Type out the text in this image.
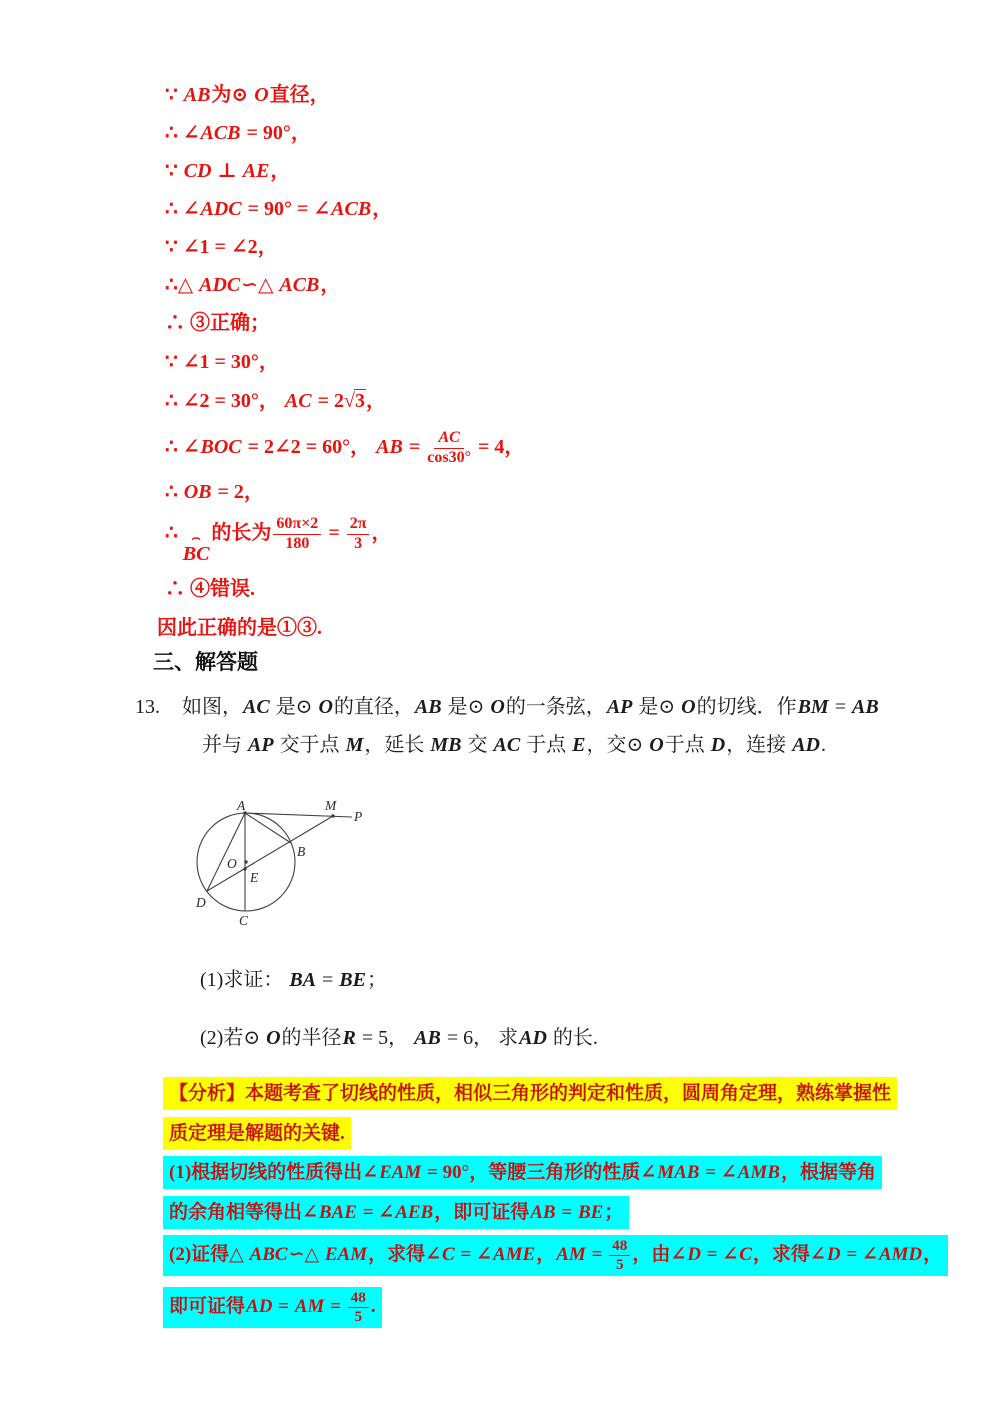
∵ AB为⊙ O直径，
∴ ∠ACB = 90°，
∵ CD ⊥ AE，
∴ ∠ADC = 90° = ∠ACB，
∵ ∠1 = ∠2，
∴△ ADC∽△ ACB，
∴ ③正确；
∵ ∠1 = 30°，
∴ ∠2 = 30°， AC = 2√3，
∴ ∠BOC = 2∠2 = 60°， AB = $\frac{AC}{\cos 30^\circ} = 4$，
∴ OB = 2，
∴ ⌢
BC
的长为 $\frac{60\pi\times 2}{180} = \frac{2\pi}{3}$ ，
∴ ④错误.
因此正确的是①③.
三、解答题
13. 如图，AC 是⊙ O的直径，AB 是⊙ O的一条弦，AP 是⊙ O的切线．作BM = AB
并与 AP 交于点 M，延长 MB 交 AC 于点 E，交⊙ O于点 D，连接 AD.
(1)求证： BA = BE；
(2)若⊙ O的半径R = 5， AB = 6， 求AD 的长.
【分析】本题考查了切线的性质，相似三角形的判定和性质，圆周角定理，熟练掌握性
质定理是解题的关键.
(1)根据切线的性质得出∠EAM = 90°，等腰三角形的性质∠MAB = ∠AMB，根据等角
的余角相等得出∠BAE = ∠AEB，即可证得AB = BE；
(2)证得△ ABC∽△ EAM，求得∠C = ∠AME，AM = $\frac{48}{5}$ ，由∠D = ∠C，求得∠D = ∠AMD，
即可证得AD = AM = $\frac{48}{5}$ .
A	M
P
B
O
E
D
C
